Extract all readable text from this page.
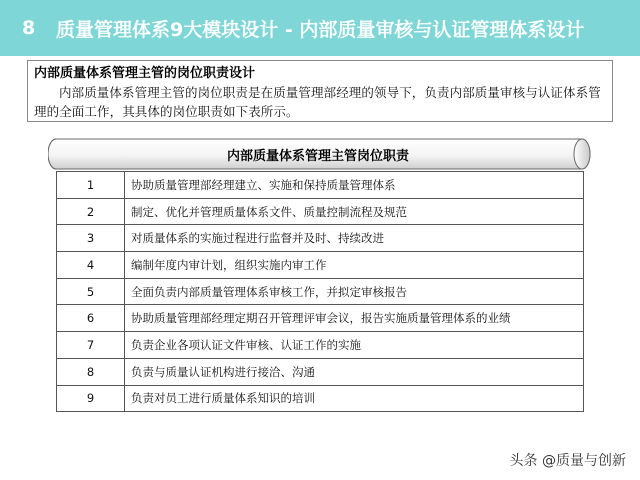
8	质量管理体系9大模块设计 - 内部质量审核与认证管理体系设计
内部质量体系管理主管的岗位职责设计
内部质量体系管理主管的岗位职责是在质量管理部经理的领导下，负责内部质量审核与认证体系管理的全面工作，其具体的岗位职责如下表所示。
内部质量体系管理主管岗位职责
1	协助质量管理部经理建立、实施和保持质量管理体系
2	制定、优化并管理质量体系文件、质量控制流程及规范
3	对质量体系的实施过程进行监督并及时、持续改进
4	编制年度内审计划，组织实施内审工作
5	全面负责内部质量管理体系审核工作，并拟定审核报告
6	协助质量管理部经理定期召开管理评审会议，报告实施质量管理体系的业绩
7	负责企业各项认证文件审核、认证工作的实施
8	负责与质量认证机构进行接洽、沟通
9	负责对员工进行质量体系知识的培训
头条 @质量与创新
